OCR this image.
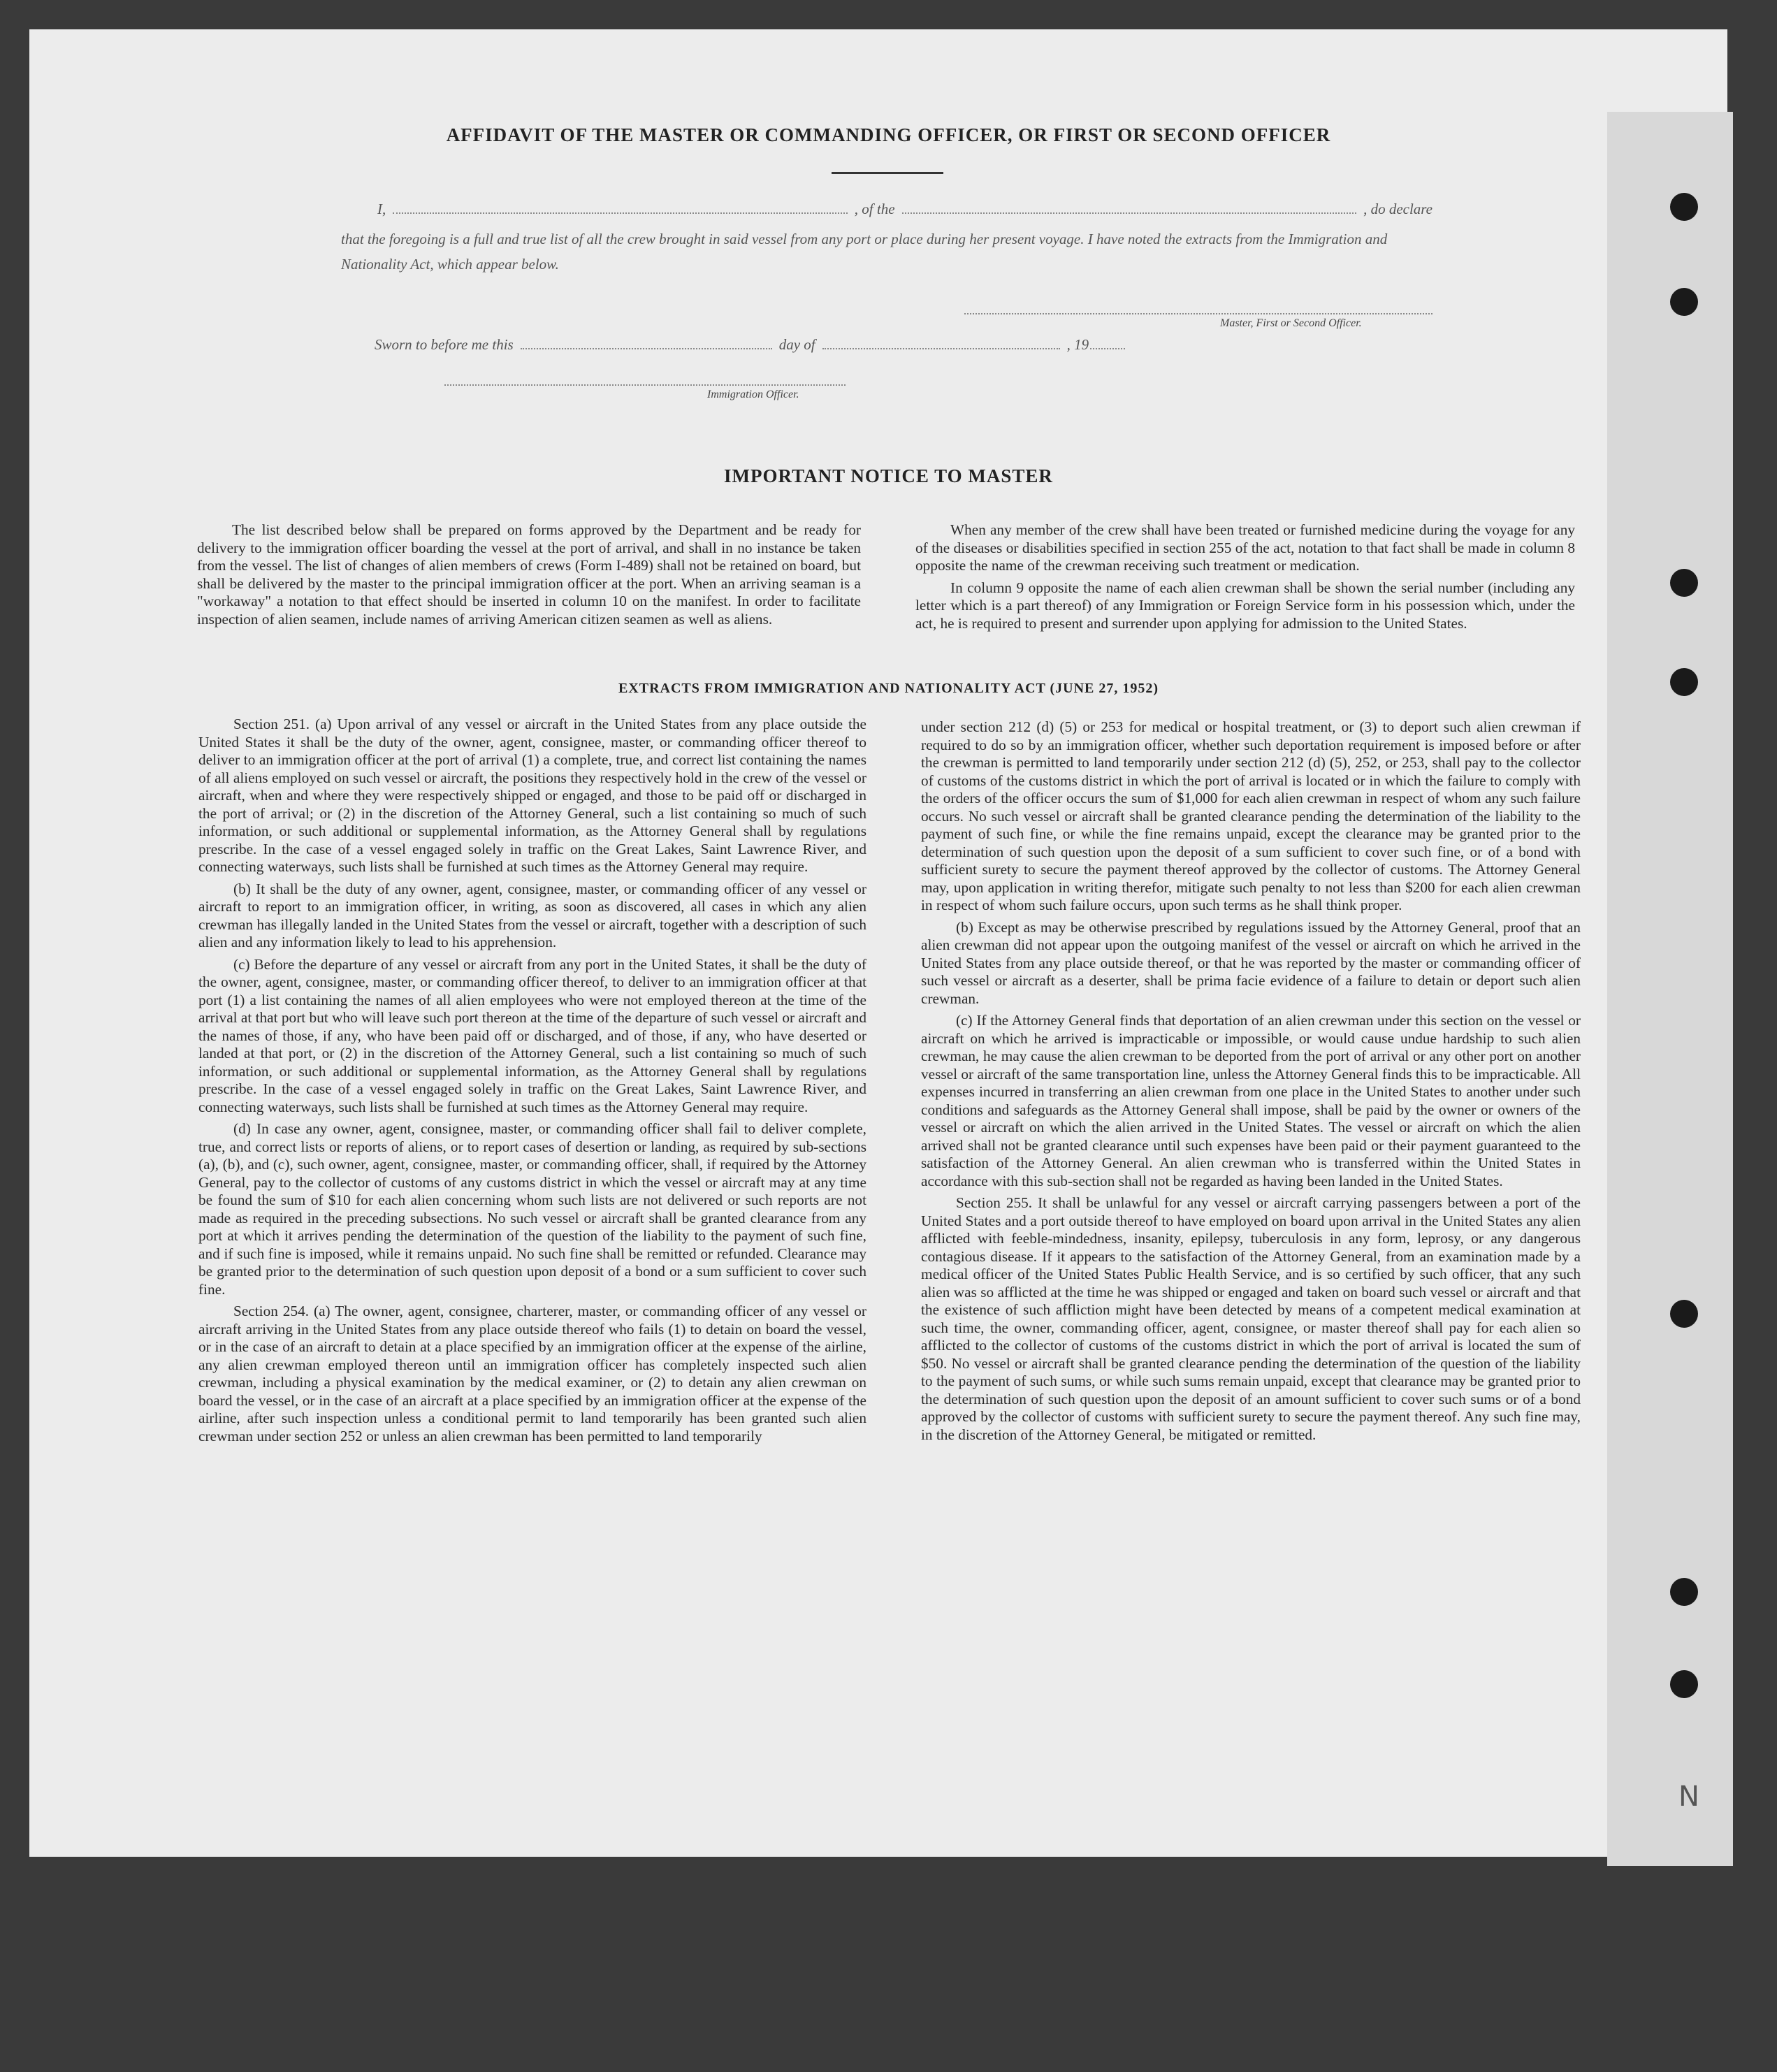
AFFIDAVIT OF THE MASTER OR COMMANDING OFFICER, OR FIRST OR SECOND OFFICER
I,	, of the	, do declare
that the foregoing is a full and true list of all the crew brought in said vessel from any port or place during her present voyage. I have noted the extracts from the Immigration and Nationality Act, which appear below.
Master, First or Second Officer.
Sworn to before me this	day of	, 19
Immigration Officer.
IMPORTANT NOTICE TO MASTER

The list described below shall be prepared on forms approved by the Department and be ready for delivery to the immigration officer boarding the vessel at the port of arrival, and shall in no instance be taken from the vessel. The list of changes of alien members of crews (Form I-489) shall not be retained on board, but shall be delivered by the master to the principal immigration officer at the port. When an arriving seaman is a "workaway" a notation to that effect should be inserted in column 10 on the manifest. In order to facilitate inspection of alien seamen, include names of arriving American citizen seamen as well as aliens.

When any member of the crew shall have been treated or furnished medicine during the voyage for any of the diseases or disabilities specified in section 255 of the act, notation to that fact shall be made in column 8 opposite the name of the crewman receiving such treatment or medication.

In column 9 opposite the name of each alien crewman shall be shown the serial number (including any letter which is a part thereof) of any Immigration or Foreign Service form in his possession which, under the act, he is required to present and surrender upon applying for admission to the United States.

EXTRACTS FROM IMMIGRATION AND NATIONALITY ACT (JUNE 27, 1952)

Section 251. (a) Upon arrival of any vessel or aircraft in the United States from any place outside the United States it shall be the duty of the owner, agent, consignee, master, or commanding officer thereof to deliver to an immigration officer at the port of arrival (1) a complete, true, and correct list containing the names of all aliens employed on such vessel or aircraft, the positions they respectively hold in the crew of the vessel or aircraft, when and where they were respectively shipped or engaged, and those to be paid off or discharged in the port of arrival; or (2) in the discretion of the Attorney General, such a list containing so much of such information, or such additional or supplemental information, as the Attorney General shall by regulations prescribe. In the case of a vessel engaged solely in traffic on the Great Lakes, Saint Lawrence River, and connecting waterways, such lists shall be furnished at such times as the Attorney General may require.

(b) It shall be the duty of any owner, agent, consignee, master, or commanding officer of any vessel or aircraft to report to an immigration officer, in writing, as soon as discovered, all cases in which any alien crewman has illegally landed in the United States from the vessel or aircraft, together with a description of such alien and any information likely to lead to his apprehension.

(c) Before the departure of any vessel or aircraft from any port in the United States, it shall be the duty of the owner, agent, consignee, master, or commanding officer thereof, to deliver to an immigration officer at that port (1) a list containing the names of all alien employees who were not employed thereon at the time of the arrival at that port but who will leave such port thereon at the time of the departure of such vessel or aircraft and the names of those, if any, who have been paid off or discharged, and of those, if any, who have deserted or landed at that port, or (2) in the discretion of the Attorney General, such a list containing so much of such information, or such additional or supplemental information, as the Attorney General shall by regulations prescribe. In the case of a vessel engaged solely in traffic on the Great Lakes, Saint Lawrence River, and connecting waterways, such lists shall be furnished at such times as the Attorney General may require.

(d) In case any owner, agent, consignee, master, or commanding officer shall fail to deliver complete, true, and correct lists or reports of aliens, or to report cases of desertion or landing, as required by sub-sections (a), (b), and (c), such owner, agent, consignee, master, or commanding officer, shall, if required by the Attorney General, pay to the collector of customs of any customs district in which the vessel or aircraft may at any time be found the sum of $10 for each alien concerning whom such lists are not delivered or such reports are not made as required in the preceding subsections. No such vessel or aircraft shall be granted clearance from any port at which it arrives pending the determination of the question of the liability to the payment of such fine, and if such fine is imposed, while it remains unpaid. No such fine shall be remitted or refunded. Clearance may be granted prior to the determination of such question upon deposit of a bond or a sum sufficient to cover such fine.

Section 254. (a) The owner, agent, consignee, charterer, master, or commanding officer of any vessel or aircraft arriving in the United States from any place outside thereof who fails (1) to detain on board the vessel, or in the case of an aircraft to detain at a place specified by an immigration officer at the expense of the airline, any alien crewman employed thereon until an immigration officer has completely inspected such alien crewman, including a physical examination by the medical examiner, or (2) to detain any alien crewman on board the vessel, or in the case of an aircraft at a place specified by an immigration officer at the expense of the airline, after such inspection unless a conditional permit to land temporarily has been granted such alien crewman under section 252 or unless an alien crewman has been permitted to land temporarily

under section 212 (d) (5) or 253 for medical or hospital treatment, or (3) to deport such alien crewman if required to do so by an immigration officer, whether such deportation requirement is imposed before or after the crewman is permitted to land temporarily under section 212 (d) (5), 252, or 253, shall pay to the collector of customs of the customs district in which the port of arrival is located or in which the failure to comply with the orders of the officer occurs the sum of $1,000 for each alien crewman in respect of whom any such failure occurs. No such vessel or aircraft shall be granted clearance pending the determination of the liability to the payment of such fine, or while the fine remains unpaid, except the clearance may be granted prior to the determination of such question upon the deposit of a sum sufficient to cover such fine, or of a bond with sufficient surety to secure the payment thereof approved by the collector of customs. The Attorney General may, upon application in writing therefor, mitigate such penalty to not less than $200 for each alien crewman in respect of whom such failure occurs, upon such terms as he shall think proper.

(b) Except as may be otherwise prescribed by regulations issued by the Attorney General, proof that an alien crewman did not appear upon the outgoing manifest of the vessel or aircraft on which he arrived in the United States from any place outside thereof, or that he was reported by the master or commanding officer of such vessel or aircraft as a deserter, shall be prima facie evidence of a failure to detain or deport such alien crewman.

(c) If the Attorney General finds that deportation of an alien crewman under this section on the vessel or aircraft on which he arrived is impracticable or impossible, or would cause undue hardship to such alien crewman, he may cause the alien crewman to be deported from the port of arrival or any other port on another vessel or aircraft of the same transportation line, unless the Attorney General finds this to be impracticable. All expenses incurred in transferring an alien crewman from one place in the United States to another under such conditions and safeguards as the Attorney General shall impose, shall be paid by the owner or owners of the vessel or aircraft on which the alien arrived in the United States. The vessel or aircraft on which the alien arrived shall not be granted clearance until such expenses have been paid or their payment guaranteed to the satisfaction of the Attorney General. An alien crewman who is transferred within the United States in accordance with this sub-section shall not be regarded as having been landed in the United States.

Section 255. It shall be unlawful for any vessel or aircraft carrying passengers between a port of the United States and a port outside thereof to have employed on board upon arrival in the United States any alien afflicted with feeble-mindedness, insanity, epilepsy, tuberculosis in any form, leprosy, or any dangerous contagious disease. If it appears to the satisfaction of the Attorney General, from an examination made by a medical officer of the United States Public Health Service, and is so certified by such officer, that any such alien was so afflicted at the time he was shipped or engaged and taken on board such vessel or aircraft and that the existence of such affliction might have been detected by means of a competent medical examination at such time, the owner, commanding officer, agent, consignee, or master thereof shall pay for each alien so afflicted to the collector of customs of the customs district in which the port of arrival is located the sum of $50. No vessel or aircraft shall be granted clearance pending the determination of the question of the liability to the payment of such sums, or while such sums remain unpaid, except that clearance may be granted prior to the determination of such question upon the deposit of an amount sufficient to cover such sums or of a bond approved by the collector of customs with sufficient surety to secure the payment thereof. Any such fine may, in the discretion of the Attorney General, be mitigated or remitted.

N
